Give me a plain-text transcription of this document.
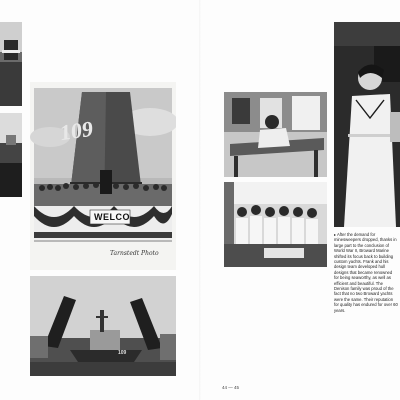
109
WELCO
Tarnstedt Photo
109
▸ After the demand for minesweepers dropped, thanks in large part to the conclusion of World War II, Broward Marine shifted its focus back to building custom yachts. Frank and his design team developed hull designs that became renowned for being seaworthy, as well as efficient and beautiful. The Denison family was proud of the fact that no two Broward yachts were the same. Their reputation for quality has endured for over 60 years.
44 — 45
